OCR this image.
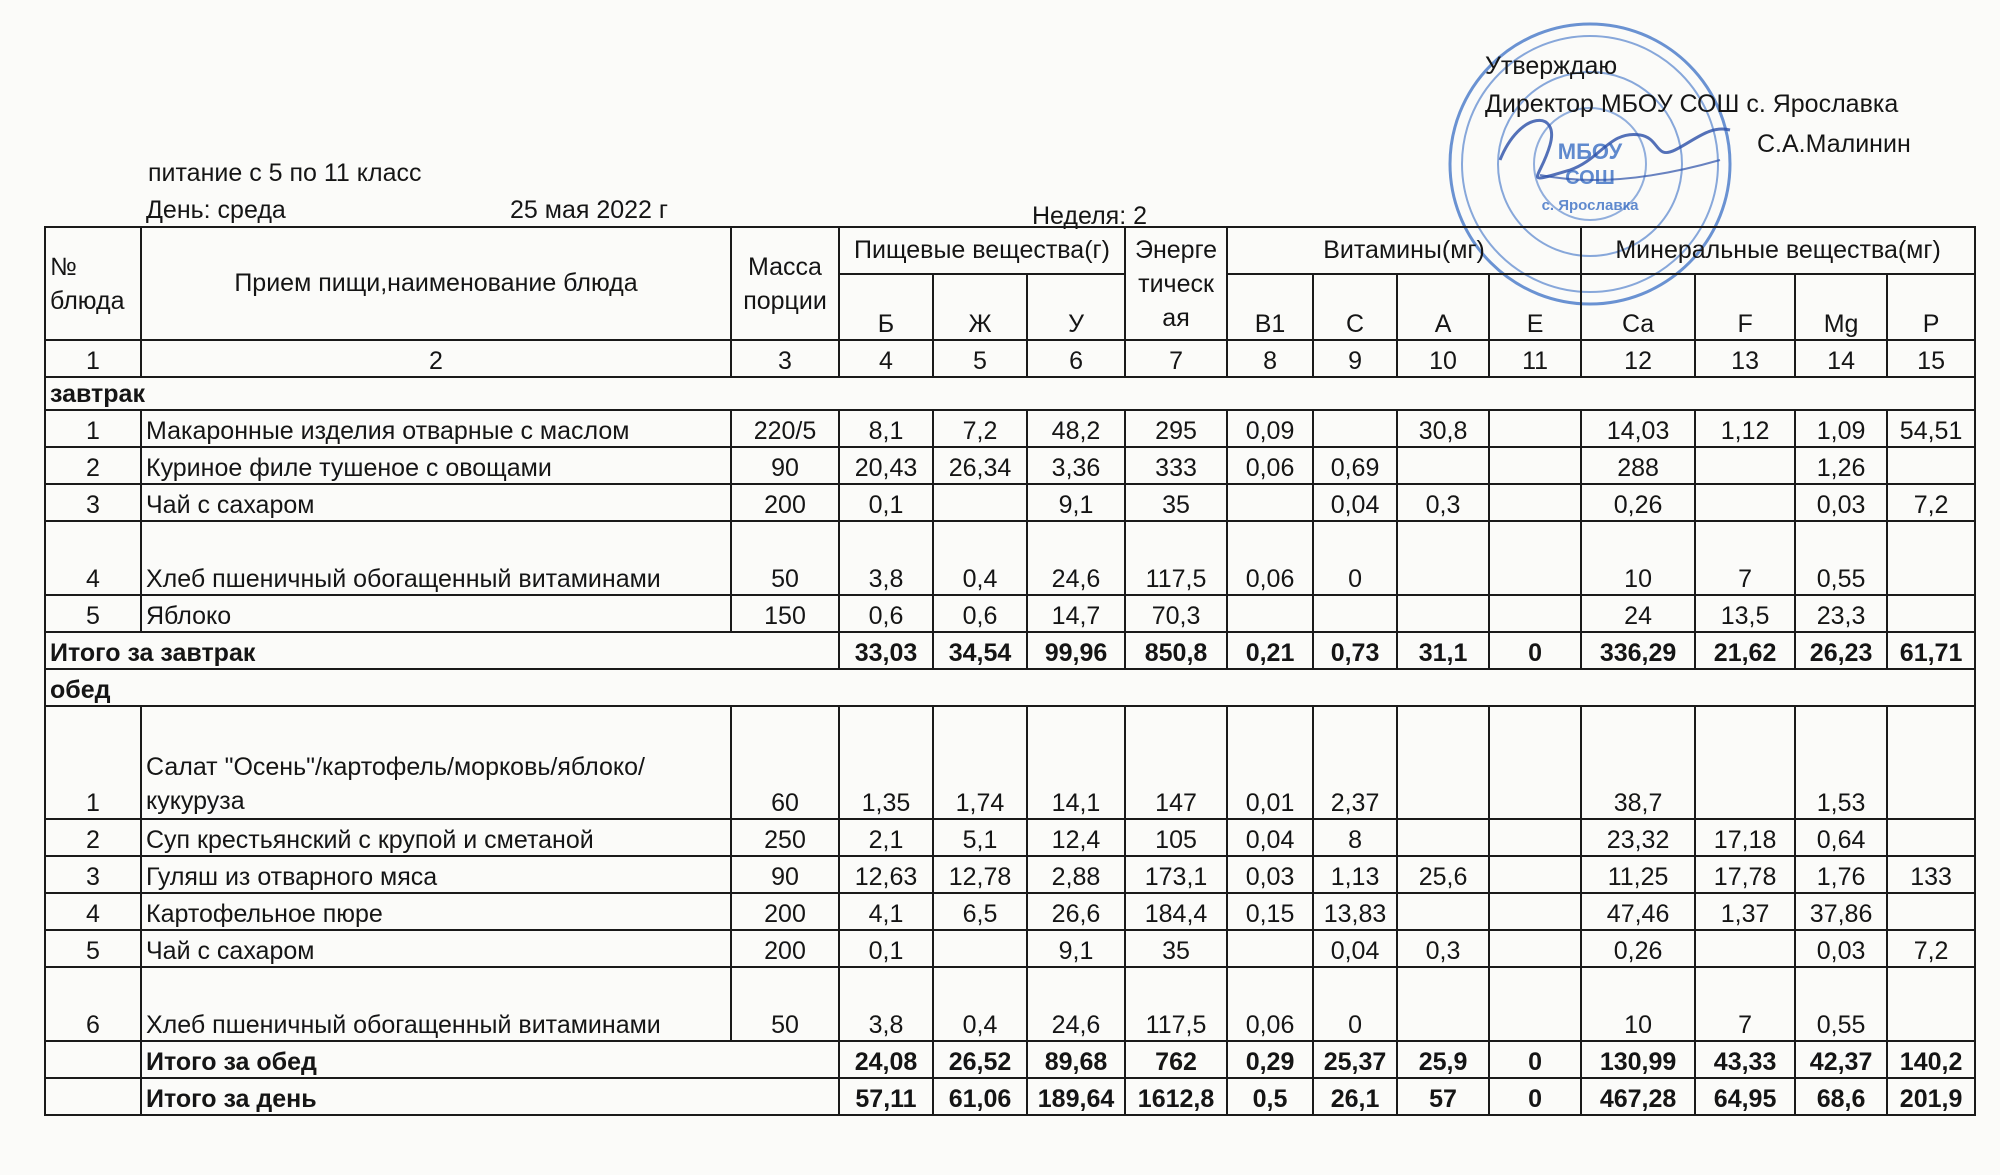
МБОУ
СОШ
с. Ярославка
Утверждаю
Директор МБОУ СОШ с. Ярославка
С.А.Малинин
питание с 5 по 11 класс
День: среда	25 мая 2022 г	Неделя: 2
№ блюда	Прием пищи,наименование блюда	Масса порции	Пищевые вещества(г)			Энерге тическ ая	Витамины(мг)				Минеральные вещества(мг)			
			Б	Ж	У		В1	С	А	Е	Са	F	Mg	P
1	2	3	4	5	6	7	8	9	10	11	12	13	14	15
завтрак														
1	Макаронные изделия отварные с маслом	220/5	8,1	7,2	48,2	295	0,09		30,8		14,03	1,12	1,09	54,51
2	Куриное филе тушеное с овощами	90	20,43	26,34	3,36	333	0,06	0,69			288		1,26	
3	Чай с сахаром	200	0,1		9,1	35		0,04	0,3		0,26		0,03	7,2
4	Хлеб пшеничный обогащенный витаминами	50	3,8	0,4	24,6	117,5	0,06	0			10	7	0,55	
5	Яблоко	150	0,6	0,6	14,7	70,3					24	13,5	23,3	
Итого за завтрак			33,03	34,54	99,96	850,8	0,21	0,73	31,1	0	336,29	21,62	26,23	61,71
обед														
1	Салат "Осень"/картофель/морковь/яблоко/ кукуруза	60	1,35	1,74	14,1	147	0,01	2,37			38,7		1,53	
2	Суп крестьянский с крупой и сметаной	250	2,1	5,1	12,4	105	0,04	8			23,32	17,18	0,64	
3	Гуляш из отварного мяса	90	12,63	12,78	2,88	173,1	0,03	1,13	25,6		11,25	17,78	1,76	133
4	Картофельное пюре	200	4,1	6,5	26,6	184,4	0,15	13,83			47,46	1,37	37,86	
5	Чай с сахаром	200	0,1		9,1	35		0,04	0,3		0,26		0,03	7,2
6	Хлеб пшеничный обогащенный витаминами	50	3,8	0,4	24,6	117,5	0,06	0			10	7	0,55	
	Итого за обед		24,08	26,52	89,68	762	0,29	25,37	25,9	0	130,99	43,33	42,37	140,2
	Итого за день		57,11	61,06	189,64	1612,8	0,5	26,1	57	0	467,28	64,95	68,6	201,9
